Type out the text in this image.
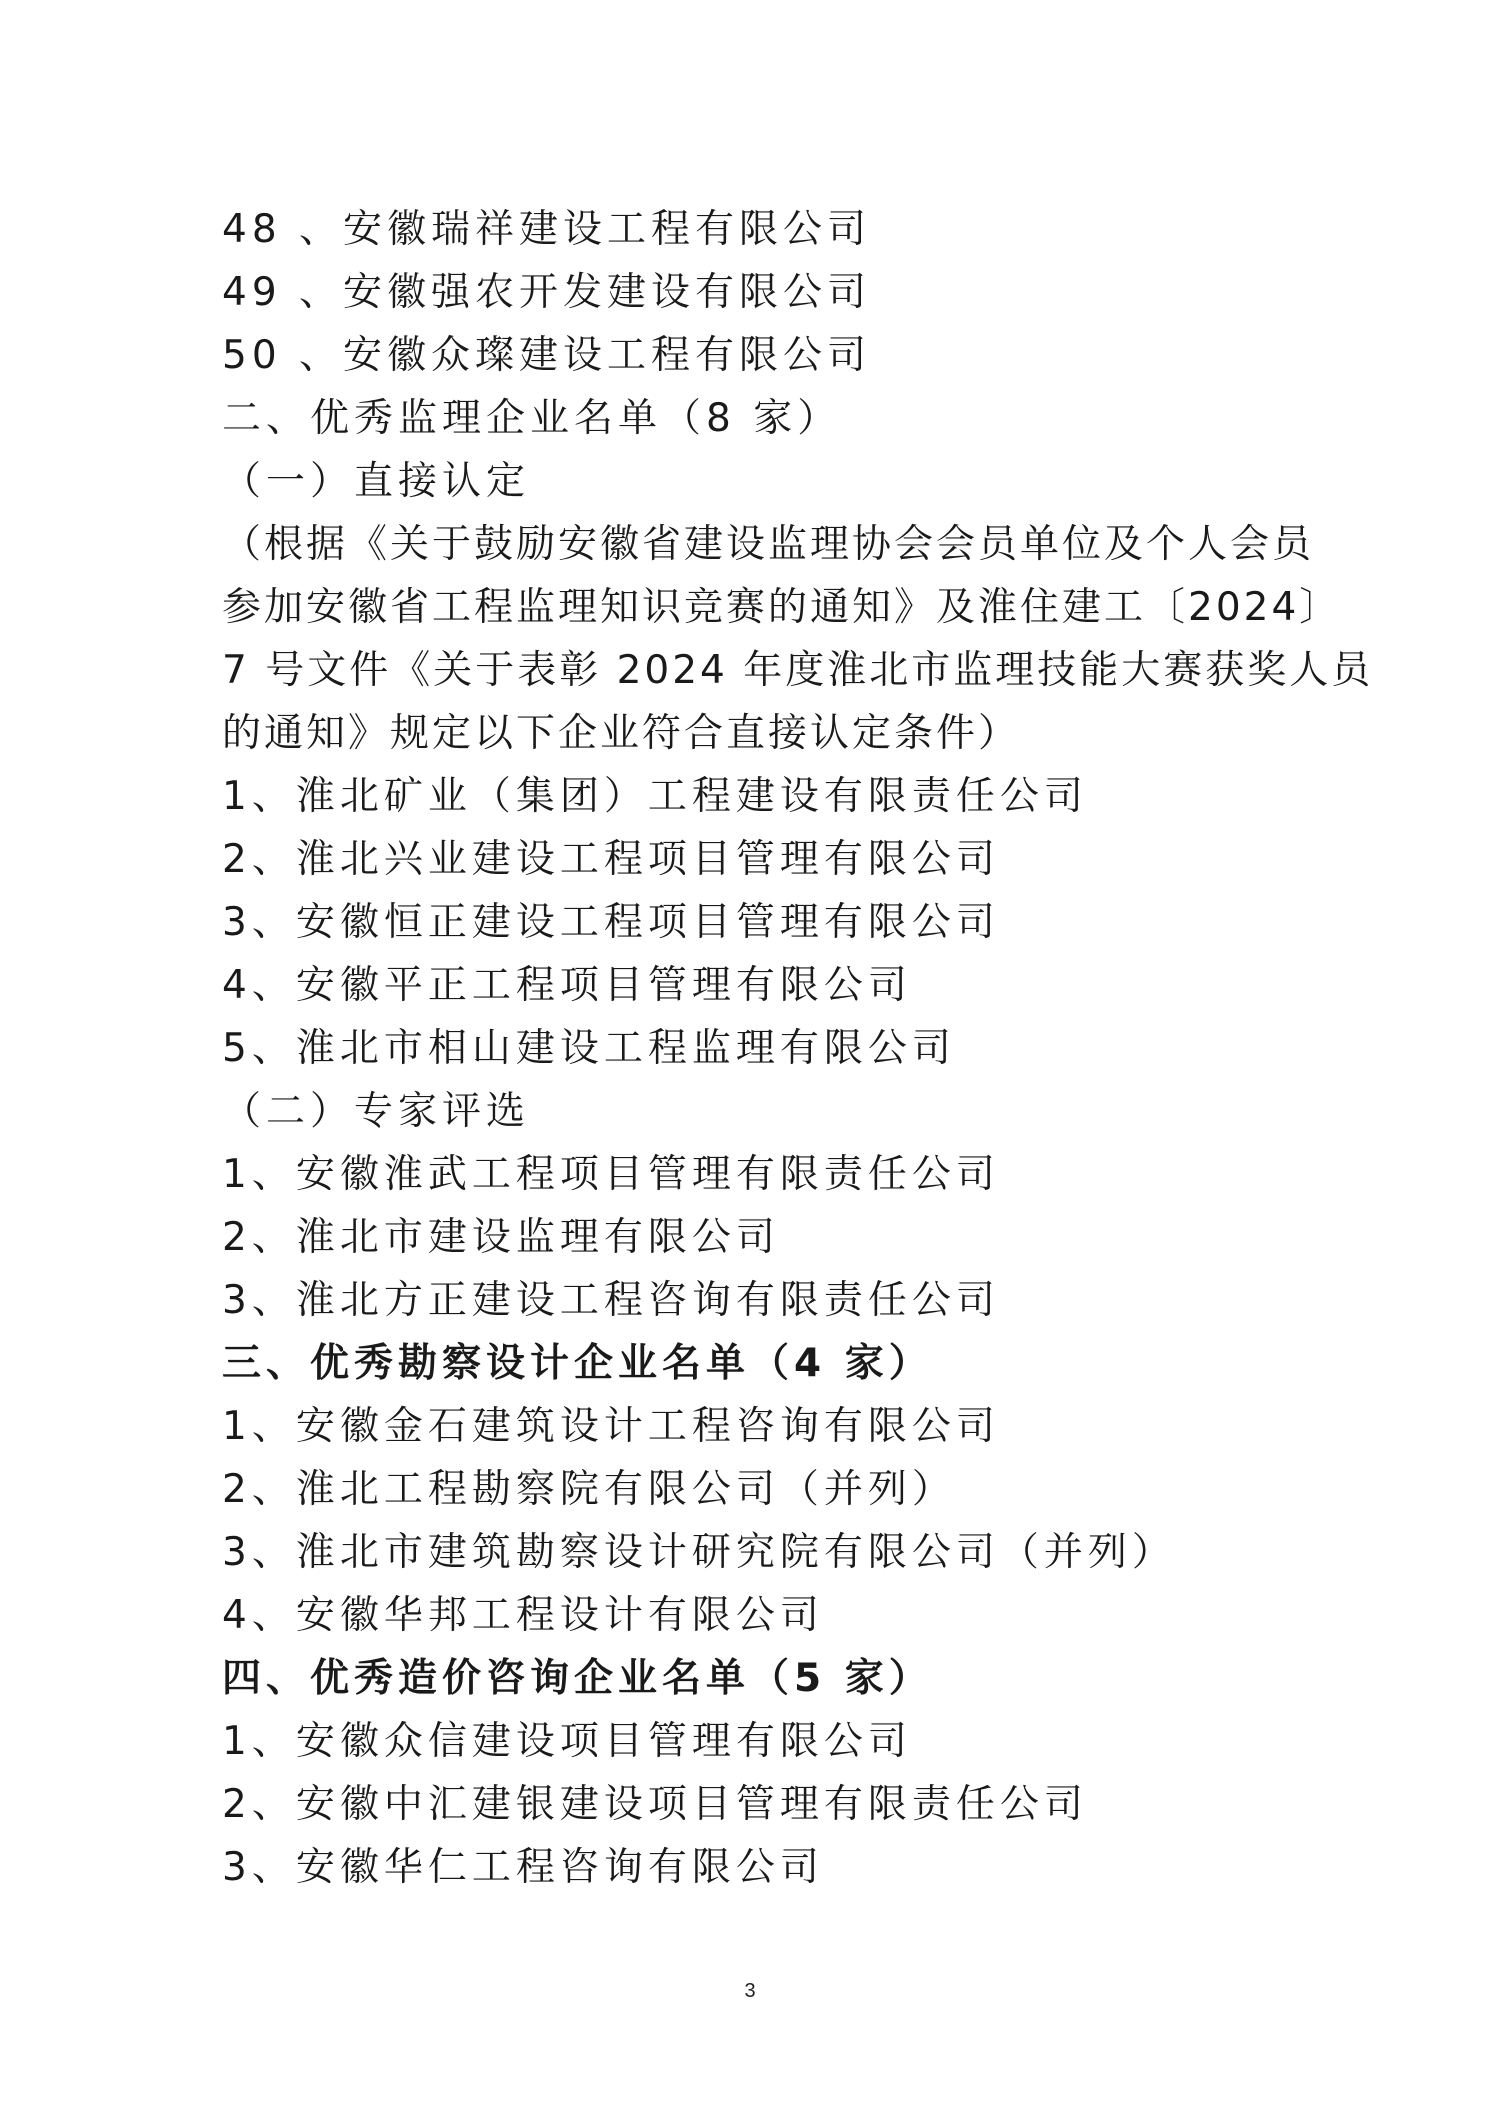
48 、安徽瑞祥建设工程有限公司
49 、安徽强农开发建设有限公司
50 、安徽众璨建设工程有限公司
二、优秀监理企业名单（8 家）
（一）直接认定
（根据《关于鼓励安徽省建设监理协会会员单位及个人会员
参加安徽省工程监理知识竞赛的通知》及淮住建工〔2024〕
7 号文件《关于表彰 2024 年度淮北市监理技能大赛获奖人员
的通知》规定以下企业符合直接认定条件）
1、淮北矿业（集团）工程建设有限责任公司
2、淮北兴业建设工程项目管理有限公司
3、安徽恒正建设工程项目管理有限公司
4、安徽平正工程项目管理有限公司
5、淮北市相山建设工程监理有限公司
（二）专家评选
1、安徽淮武工程项目管理有限责任公司
2、淮北市建设监理有限公司
3、淮北方正建设工程咨询有限责任公司
三、优秀勘察设计企业名单（4 家）
1、安徽金石建筑设计工程咨询有限公司
2、淮北工程勘察院有限公司（并列）
3、淮北市建筑勘察设计研究院有限公司（并列）
4、安徽华邦工程设计有限公司
四、优秀造价咨询企业名单（5 家）
1、安徽众信建设项目管理有限公司
2、安徽中汇建银建设项目管理有限责任公司
3、安徽华仁工程咨询有限公司
3
